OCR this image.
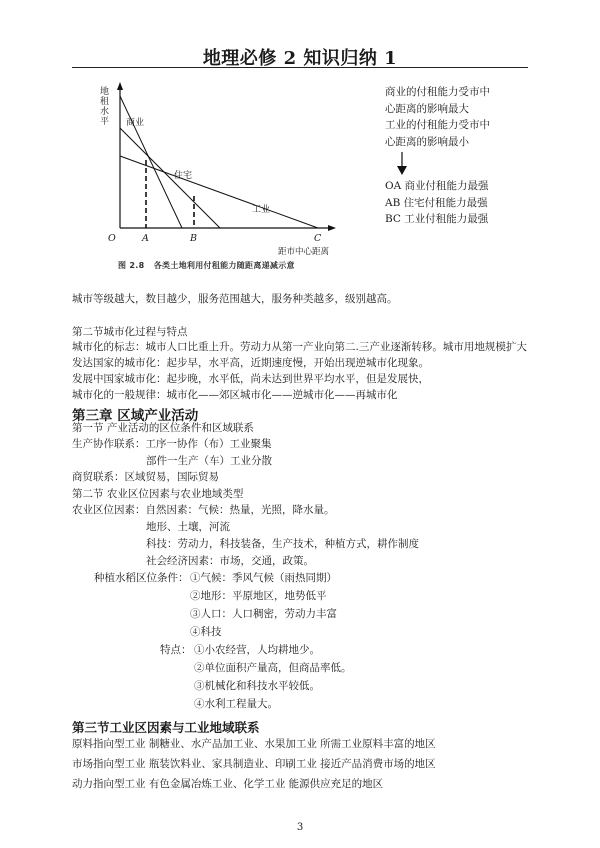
地理必修 2 知识归纳 1
地
租
水
平 商业
住宅
工业
O	A	B	C
距市中心距离
图 2.8 各类土地利用付租能力随距离递减示意
商业的付租能力受市中
心距离的影响最大
工业的付租能力受市中
心距离的影响最小
OA 商业付租能力最强
AB 住宅付租能力最强
BC 工业付租能力最强
城市等级越大，数目越少，服务范围越大，服务种类越多，级别越高。
第二节城市化过程与特点
城市化的标志：城市人口比重上升。劳动力从第一产业向第二.三产业逐渐转移。城市用地规模扩大
发达国家的城市化：起步早，水平高，近期速度慢，开始出现逆城市化现象。
发展中国家城市化：起步晚，水平低，尚未达到世界平均水平，但是发展快，
城市化的一般规律：城市化——郊区城市化——逆城市化——再城市化
第三章 区域产业活动
第一节 产业活动的区位条件和区域联系
生产协作联系：工序一协作（布）工业聚集
部件一生产（车）工业分散
商贸联系：区域贸易，国际贸易
第二节 农业区位因素与农业地域类型
农业区位因素：自然因素：气候：热量，光照，降水量。
地形、土壤，河流
科技：劳动力，科技装备，生产技术，种植方式，耕作制度
社会经济因素：市场，交通，政策。
种植水稻区位条件： ①气候：季风气候（雨热同期）
②地形：平原地区，地势低平
③人口：人口稠密，劳动力丰富
④科技
特点： ①小农经营，人均耕地少。
②单位面积产量高，但商品率低。
③机械化和科技水平较低。
④水利工程量大。
第三节工业区因素与工业地域联系
原料指向型工业 制糖业、水产品加工业、水果加工业 所需工业原料丰富的地区
市场指向型工业 瓶装饮料业、家具制造业、印刷工业 接近产品消费市场的地区
动力指向型工业 有色金属冶炼工业、化学工业 能源供应充足的地区
3
